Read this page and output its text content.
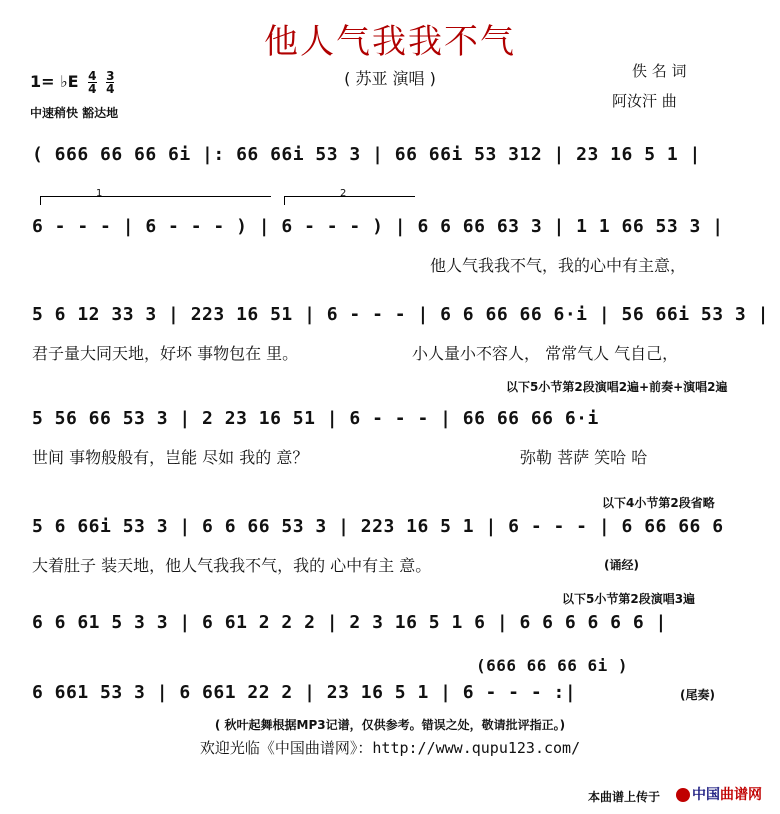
他人气我我不气
( 苏亚 演唱 )	佚 名 词
阿汝汗 曲
1= ♭E $\frac{4}{4}$
$\frac{3}{4}$
中速稍快 豁达地
( 666 66 66 6i |: 66 66i 53 3 | 66 66i 53 312 | 23 16 5 1 |
1	2
6 - - - | 6 - - - ) | 6 - - - ) | 6 6 66 63 3 | 1 1 66 53 3 |
他人气我我不气，我的心中有主意，
5 6 12 33 3 | 223 16 51 | 6 - - - | 6 6 66 66 6·i | 56 66i 53 3 |
君子量大同天地，好坏 事物包在 里。	小人量小不容人， 常常气人 气自己，
以下5小节第2段演唱2遍+前奏+演唱2遍
5 56 66 53 3 | 2 23 16 51 | 6 - - - | 66 66 66 6·i
世间 事物般般有，岂能 尽如 我的 意？	弥勒 菩萨 笑哈 哈
以下4小节第2段省略
5 6 66i 53 3 | 6 6 66 53 3 | 223 16 5 1 | 6 - - - | 6 66 66 6
大着肚子 装天地，他人气我我不气，我的 心中有主 意。	(诵经)
以下5小节第2段演唱3遍
6 6 61 5 3 3 | 6 61 2 2 2 | 2 3 16 5 1 6 | 6 6 6 6 6 6 |
(666 66 66 6i )
6 661 53 3 | 6 661 22 2 | 23 16 5 1 | 6 - - - :|	(尾奏)
( 秋叶起舞根据MP3记谱，仅供参考。错误之处，敬请批评指正。)
欢迎光临《中国曲谱网》：http://www.qupu123.com/
本曲谱上传于	中国曲谱网
